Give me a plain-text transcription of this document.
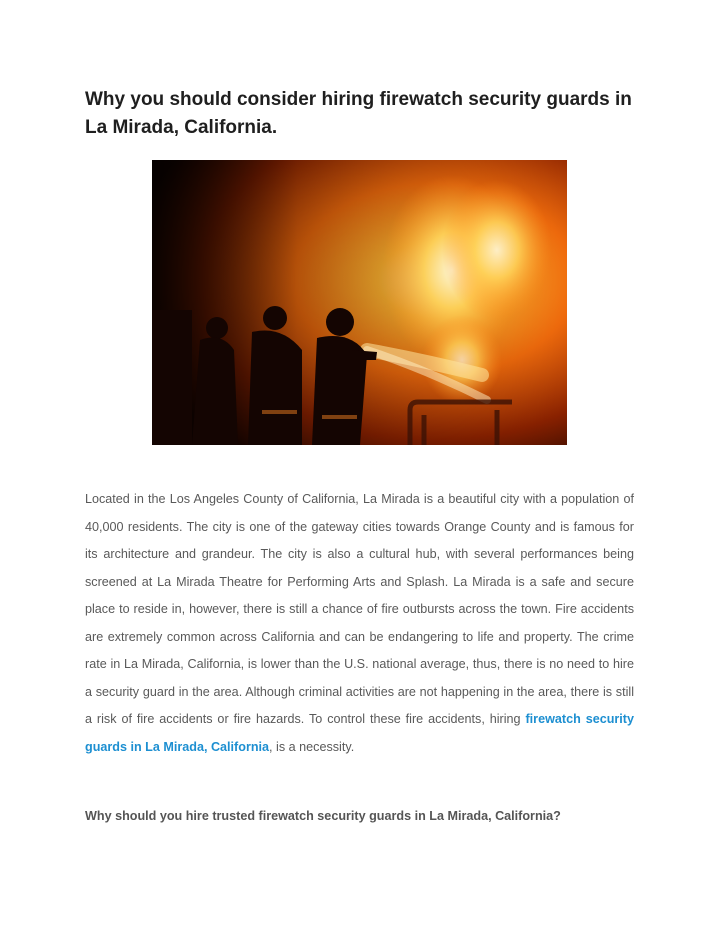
Why you should consider hiring firewatch security guards in La Mirada, California.

Located in the Los Angeles County of California, La Mirada is a beautiful city with a population of 40,000 residents. The city is one of the gateway cities towards Orange County and is famous for its architecture and grandeur. The city is also a cultural hub, with several performances being screened at La Mirada Theatre for Performing Arts and Splash. La Mirada is a safe and secure place to reside in, however, there is still a chance of fire outbursts across the town. Fire accidents are extremely common across California and can be endangering to life and property. The crime rate in La Mirada, California, is lower than the U.S. national average, thus, there is no need to hire a security guard in the area. Although criminal activities are not happening in the area, there is still a risk of fire accidents or fire hazards. To control these fire accidents, hiring firewatch security guards in La Mirada, California, is a necessity.

Why should you hire trusted firewatch security guards in La Mirada, California?
